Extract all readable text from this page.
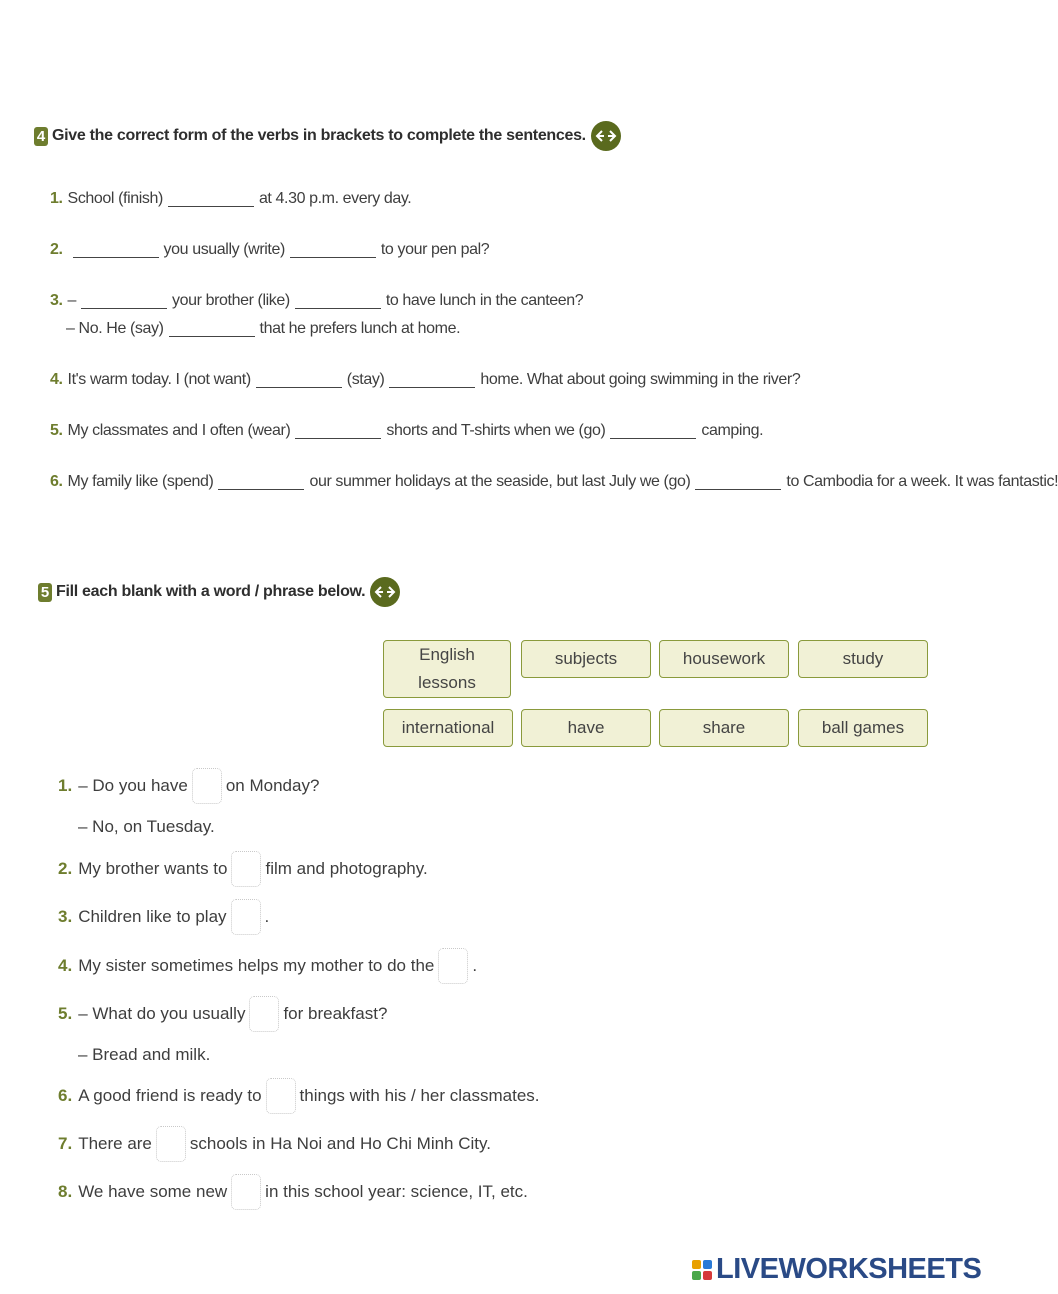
4 Give the correct form of the verbs in brackets to complete the sentences.
1. School (finish)	at 4.30 p.m. every day.
2.	you usually (write)	to your pen pal?
3. –	your brother (like)	to have lunch in the canteen?
– No. He (say)	that he prefers lunch at home.
4. It's warm today. I (not want)	(stay)	home. What about going swimming in the river?
5. My classmates and I often (wear)	shorts and T-shirts when we (go)	camping.
6. My family like (spend)	our summer holidays at the seaside, but last July we (go)	to Cambodia for a week. It was fantastic!
5 Fill each blank with a word / phrase below.
English lessons
subjects	housework	study
international	have	share	ball games
1. – Do you have on Monday?
– No, on Tuesday.
2. My brother wants to film and photography.
3. Children like to play .
4. My sister sometimes helps my mother to do the .
5. – What do you usually for breakfast?
– Bread and milk.
6. A good friend is ready to things with his / her classmates.
7. There are schools in Ha Noi and Ho Chi Minh City.
8. We have some new in this school year: science, IT, etc.
LIVEWORKSHEETS
